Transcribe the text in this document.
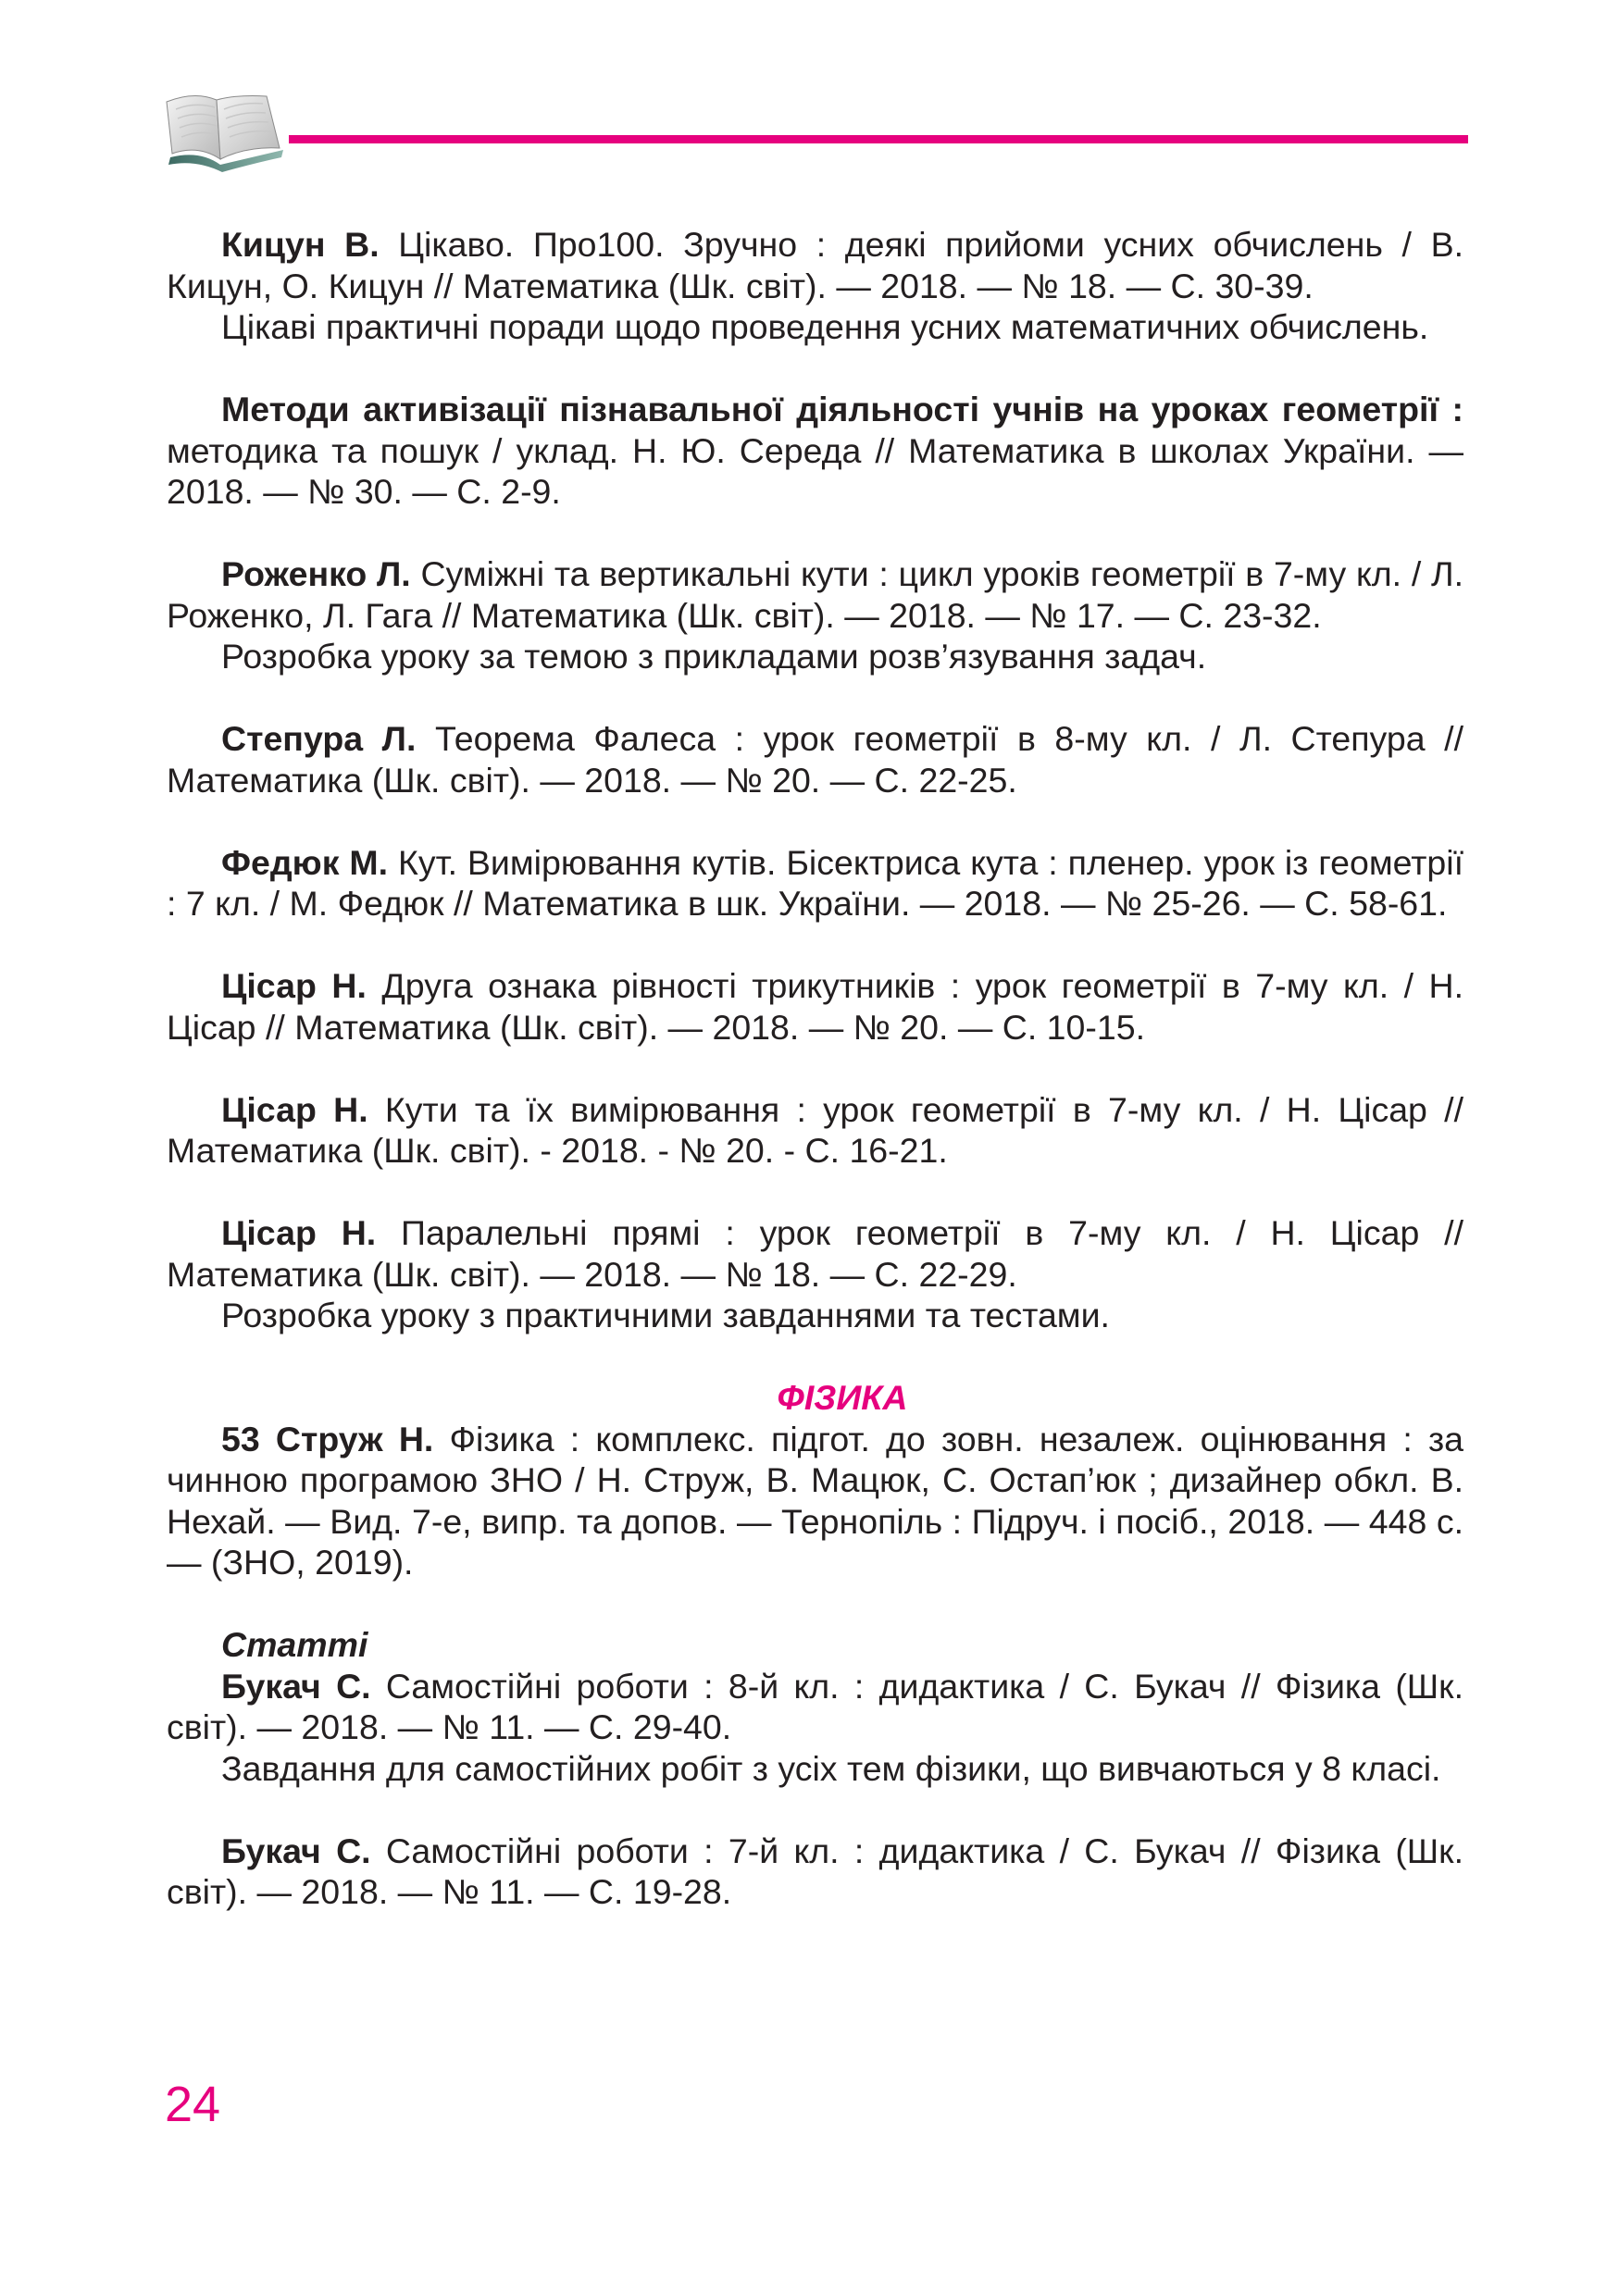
Кицун В. Цікаво. Про100. Зручно : деякі прийоми усних обчислень / В. Кицун, О. Кицун // Математика (Шк. світ). — 2018. — № 18. — С. 30-39.

Цікаві практичні поради щодо проведення усних математичних обчислень.

Методи активізації пізнавальної діяльності учнів на уроках геометрії : методика та пошук / уклад. Н. Ю. Середа // Математика в школах України. — 2018. — № 30. — С. 2-9.

Роженко Л. Суміжні та вертикальні кути : цикл уроків геометрії в 7-му кл. / Л. Роженко, Л. Гага // Математика (Шк. світ). — 2018. — № 17. — С. 23-32.

Розробка уроку за темою з прикладами розв’язування задач.

Степура Л. Теорема Фалеса : урок геометрії в 8-му кл. / Л. Степура // Математика (Шк. світ). — 2018. — № 20. — С. 22-25.

Федюк М. Кут. Вимірювання кутів. Бісектриса кута : пленер. урок із геометрії : 7 кл. / М. Федюк // Математика в шк. України. — 2018. — № 25-26. — С. 58-61.

Цісар Н. Друга ознака рівності трикутників : урок геометрії в 7-му кл. / Н. Цісар // Математика (Шк. світ). — 2018. — № 20. — С. 10-15.

Цісар Н. Кути та їх вимірювання : урок геометрії в 7-му кл. / Н. Цісар // Математика (Шк. світ). - 2018. - № 20. - С. 16-21.

Цісар Н. Паралельні прямі : урок геометрії в 7-му кл. / Н. Цісар // Математика (Шк. світ). — 2018. — № 18. — С. 22-29.

Розробка уроку з практичними завданнями та тестами.

ФІЗИКА

53 Струж Н. Фізика : комплекс. підгот. до зовн. незалеж. оцінювання : за чинною програмою ЗНО / Н. Струж, В. Мацюк, С. Остап’юк ; дизайнер обкл. В. Нехай. — Вид. 7-е, випр. та допов. — Тернопіль : Підруч. і посіб., 2018. — 448 с. — (ЗНО, 2019).

Статті

Букач С. Самостійні роботи : 8-й кл. : дидактика / С. Букач // Фізика (Шк. світ). — 2018. — № 11. — С. 29-40.

Завдання для самостійних робіт з усіх тем фізики, що вивчаються у 8 класі.

Букач С. Самостійні роботи : 7-й кл. : дидактика / С. Букач // Фізика (Шк. світ). — 2018. — № 11. — С. 19-28.

24
